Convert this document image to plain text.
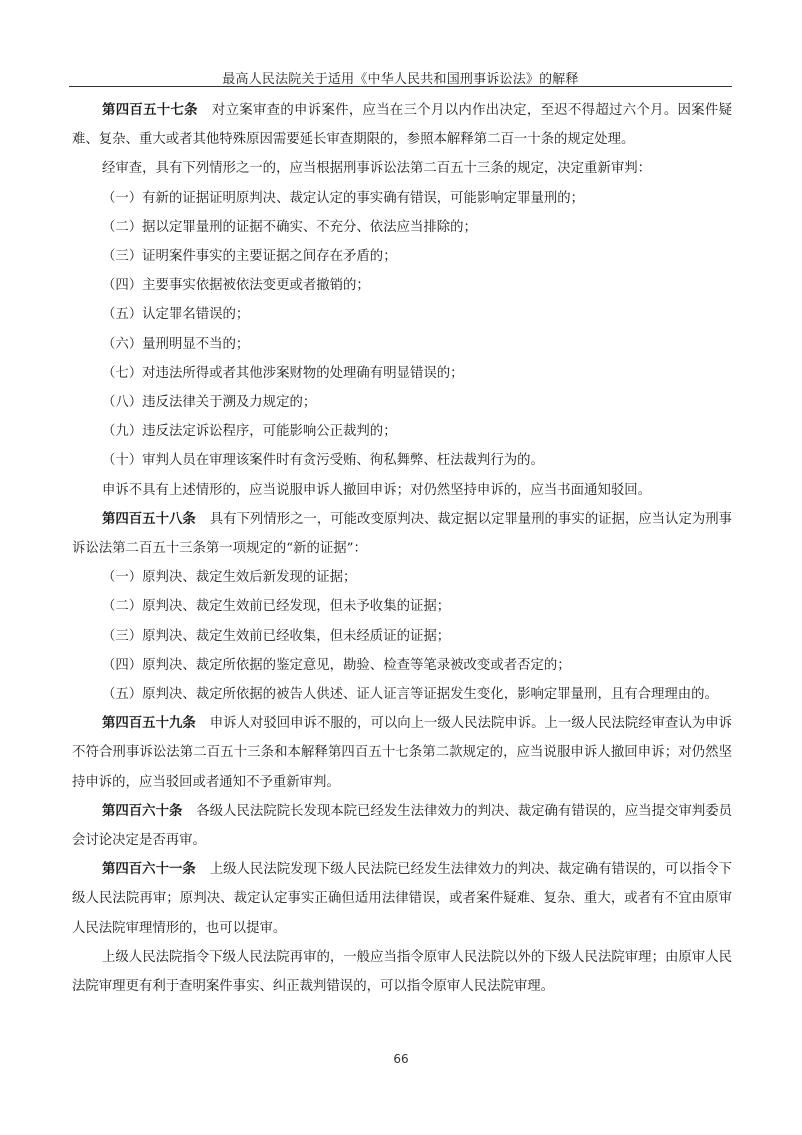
最高人民法院关于适用《中华人民共和国刑事诉讼法》的解释

第四百五十七条 对立案审查的申诉案件，应当在三个月以内作出决定，至迟不得超过六个月。因案件疑难、复杂、重大或者其他特殊原因需要延长审查期限的，参照本解释第二百一十条的规定处理。

经审查，具有下列情形之一的，应当根据刑事诉讼法第二百五十三条的规定，决定重新审判：

（一）有新的证据证明原判决、裁定认定的事实确有错误，可能影响定罪量刑的；

（二）据以定罪量刑的证据不确实、不充分、依法应当排除的；

（三）证明案件事实的主要证据之间存在矛盾的；

（四）主要事实依据被依法变更或者撤销的；

（五）认定罪名错误的；

（六）量刑明显不当的；

（七）对违法所得或者其他涉案财物的处理确有明显错误的；

（八）违反法律关于溯及力规定的；

（九）违反法定诉讼程序，可能影响公正裁判的；

（十）审判人员在审理该案件时有贪污受贿、徇私舞弊、枉法裁判行为的。

申诉不具有上述情形的，应当说服申诉人撤回申诉；对仍然坚持申诉的，应当书面通知驳回。

第四百五十八条 具有下列情形之一，可能改变原判决、裁定据以定罪量刑的事实的证据，应当认定为刑事诉讼法第二百五十三条第一项规定的“新的证据”：

（一）原判决、裁定生效后新发现的证据；

（二）原判决、裁定生效前已经发现，但未予收集的证据；

（三）原判决、裁定生效前已经收集，但未经质证的证据；

（四）原判决、裁定所依据的鉴定意见，勘验、检查等笔录被改变或者否定的；

（五）原判决、裁定所依据的被告人供述、证人证言等证据发生变化，影响定罪量刑，且有合理理由的。

第四百五十九条 申诉人对驳回申诉不服的，可以向上一级人民法院申诉。上一级人民法院经审查认为申诉不符合刑事诉讼法第二百五十三条和本解释第四百五十七条第二款规定的，应当说服申诉人撤回申诉；对仍然坚持申诉的，应当驳回或者通知不予重新审判。

第四百六十条 各级人民法院院长发现本院已经发生法律效力的判决、裁定确有错误的，应当提交审判委员会讨论决定是否再审。

第四百六十一条 上级人民法院发现下级人民法院已经发生法律效力的判决、裁定确有错误的，可以指令下级人民法院再审；原判决、裁定认定事实正确但适用法律错误，或者案件疑难、复杂、重大，或者有不宜由原审人民法院审理情形的，也可以提审。

上级人民法院指令下级人民法院再审的，一般应当指令原审人民法院以外的下级人民法院审理；由原审人民法院审理更有利于查明案件事实、纠正裁判错误的，可以指令原审人民法院审理。

66
